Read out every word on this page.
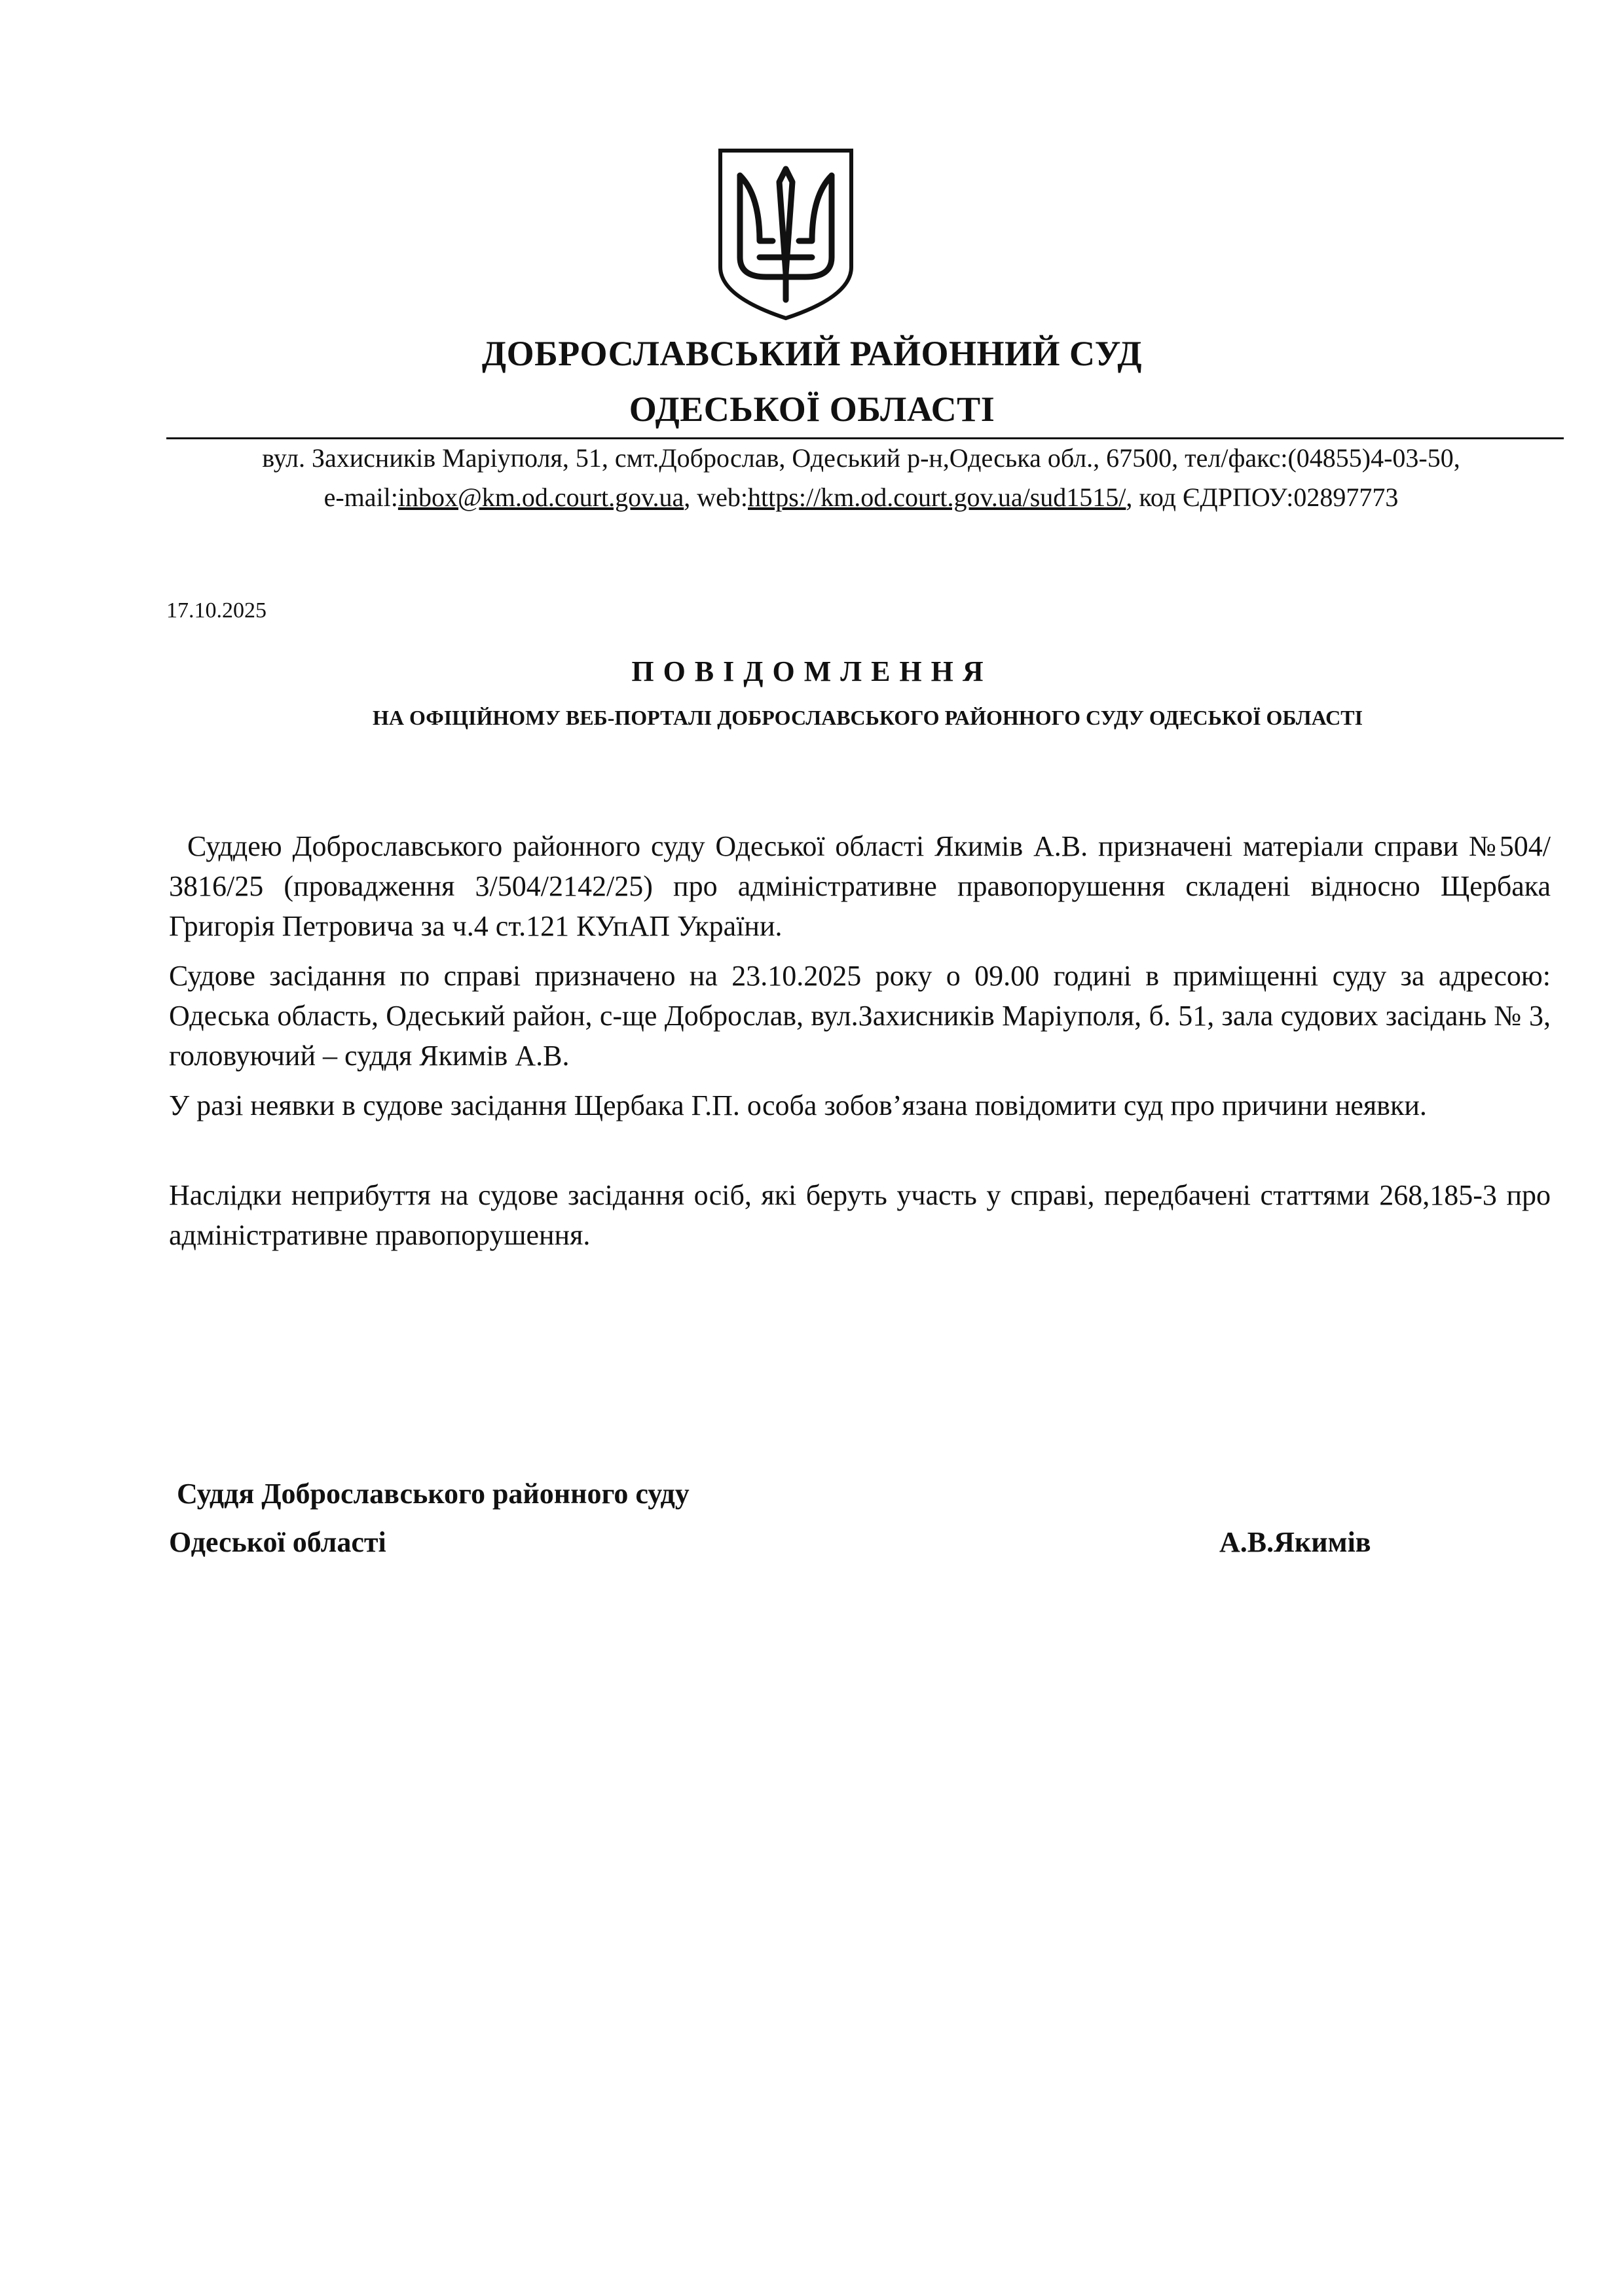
ДОБРОСЛАВСЬКИЙ РАЙОННИЙ СУД
ОДЕСЬКОЇ ОБЛАСТІ
вул. Захисників Маріуполя, 51, смт.Доброслав, Одеський р-н,Одеська обл., 67500, тел/факс:(04855)4-03-50,
e-mail:inbox@km.od.court.gov.ua, web:https://km.od.court.gov.ua/sud1515/, код ЄДРПОУ:02897773
17.10.2025
ПОВІДОМЛЕННЯ
НА ОФІЦІЙНОМУ ВЕБ-ПОРТАЛІ ДОБРОСЛАВСЬКОГО РАЙОННОГО СУДУ ОДЕСЬКОЇ ОБЛАСТІ
Суддею Доброславського районного суду Одеської області Якимів А.В. призначені матеріали справи №504/ 3816/25 (провадження 3/504/2142/25) про адміністративне правопорушення складені відносно Щербака Григорія Петровича за ч.4 ст.121 КУпАП України.
Судове засідання по справі призначено на 23.10.2025 року о 09.00 годині в приміщенні суду за адресою: Одеська область, Одеський район, с-ще Доброслав, вул.Захисників Маріуполя, б. 51, зала судових засідань № 3, головуючий – суддя Якимів А.В.
У разі неявки в судове засідання Щербака Г.П. особа зобов’язана повідомити суд про причини неявки.
Наслідки неприбуття на судове засідання осіб, які беруть участь у справі, передбачені статтями 268,185-3 про адміністративне правопорушення.
Суддя Доброславського районного суду
Одеської області	А.В.Якимів
